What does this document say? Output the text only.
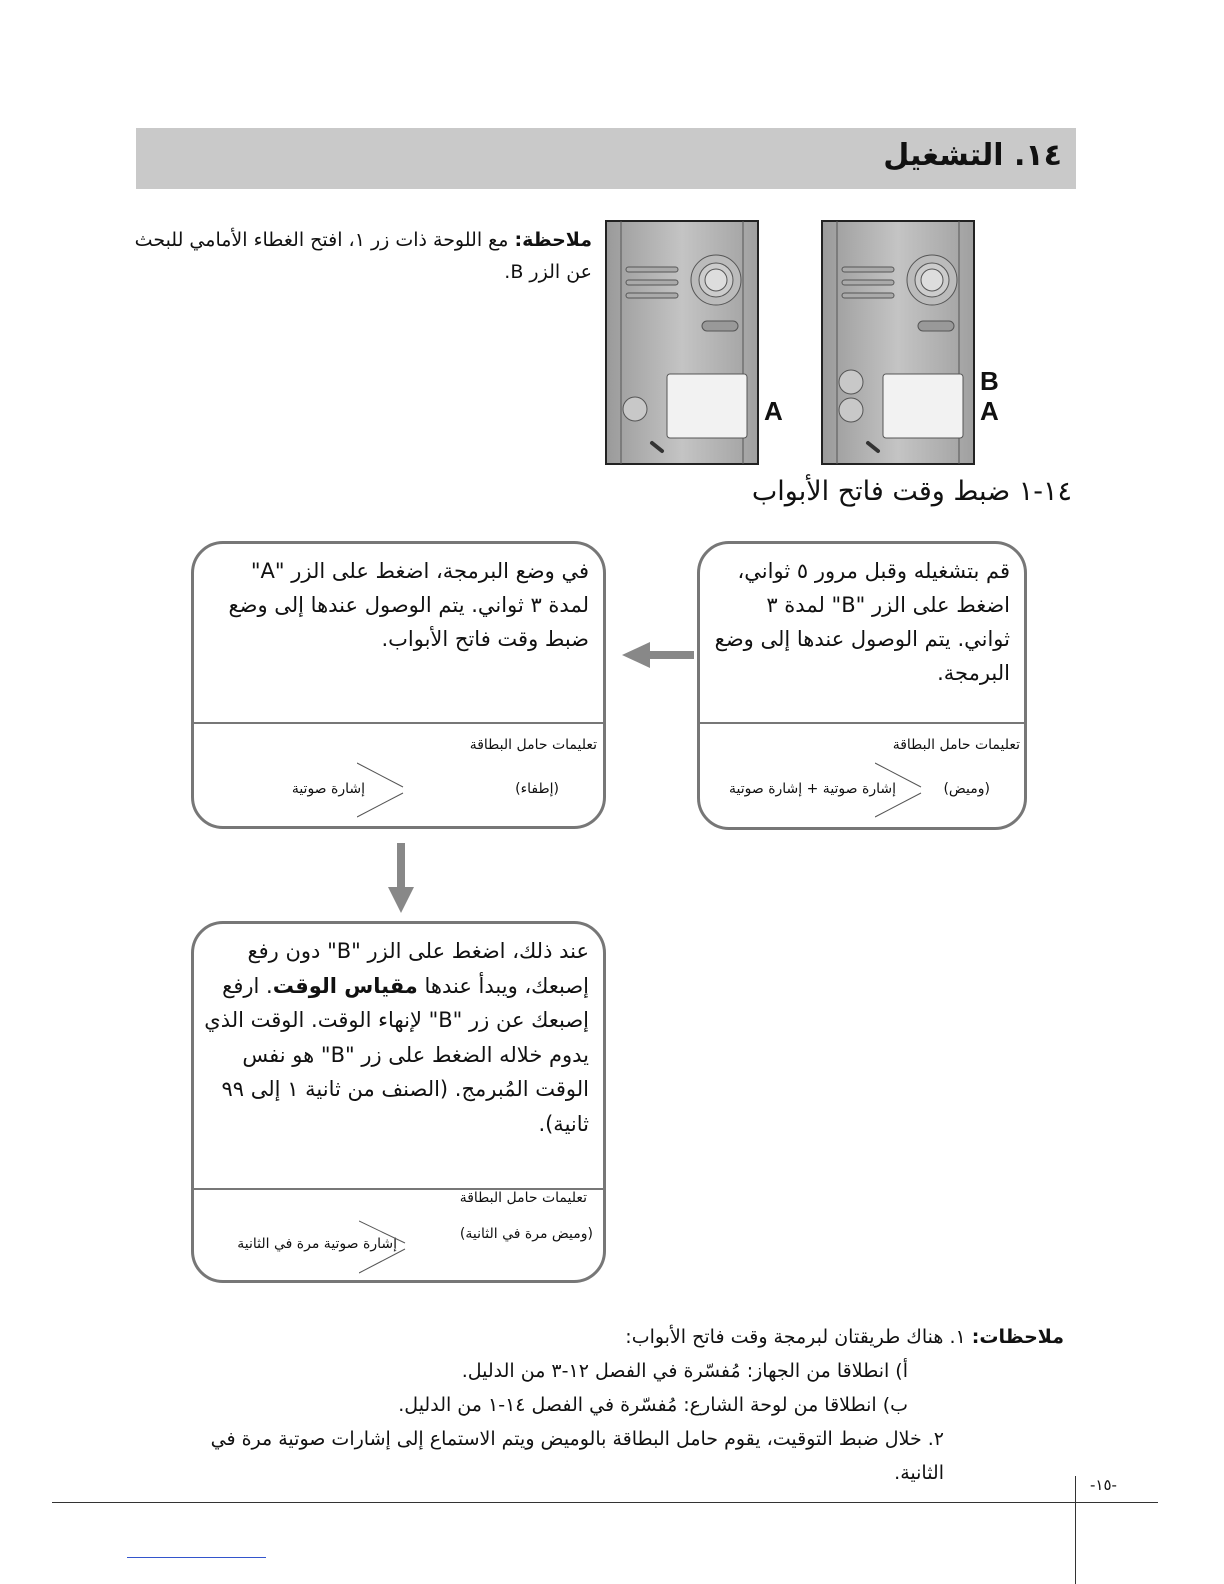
١٤. التشغيل
ملاحظة: مع اللوحة ذات زر ١، افتح الغطاء الأمامي للبحث عن الزر B.
A
B
A
١٤-١ ضبط وقت فاتح الأبواب
قم بتشغيله وقبل مرور ٥ ثواني، اضغط على الزر "B" لمدة ٣ ثواني. يتم الوصول عندها إلى وضع البرمجة.
تعليمات حامل البطاقة
(وميض)
إشارة صوتية + إشارة صوتية
في وضع البرمجة، اضغط على الزر "A" لمدة ٣ ثواني. يتم الوصول عندها إلى وضع ضبط وقت فاتح الأبواب.
تعليمات حامل البطاقة
(إطفاء)
إشارة صوتية
عند ذلك، اضغط على الزر "B" دون رفع إصبعك، ويبدأ عندها مقياس الوقت. ارفع إصبعك عن زر "B" لإنهاء الوقت. الوقت الذي يدوم خلاله الضغط على زر "B" هو نفس الوقت المُبرمج. (الصنف من ثانية ١ إلى ٩٩ ثانية).
تعليمات حامل البطاقة
(وميض مرة في الثانية)
إشارة صوتية مرة في الثانية

ملاحظات: ١. هناك طريقتان لبرمجة وقت فاتح الأبواب:

أ) انطلاقا من الجهاز: مُفسّرة في الفصل ١٢-٣ من الدليل.

ب) انطلاقا من لوحة الشارع: مُفسّرة في الفصل ١٤-١ من الدليل.

٢. خلال ضبط التوقيت، يقوم حامل البطاقة بالوميض ويتم الاستماع إلى إشارات صوتية مرة في الثانية.

-١٥-
